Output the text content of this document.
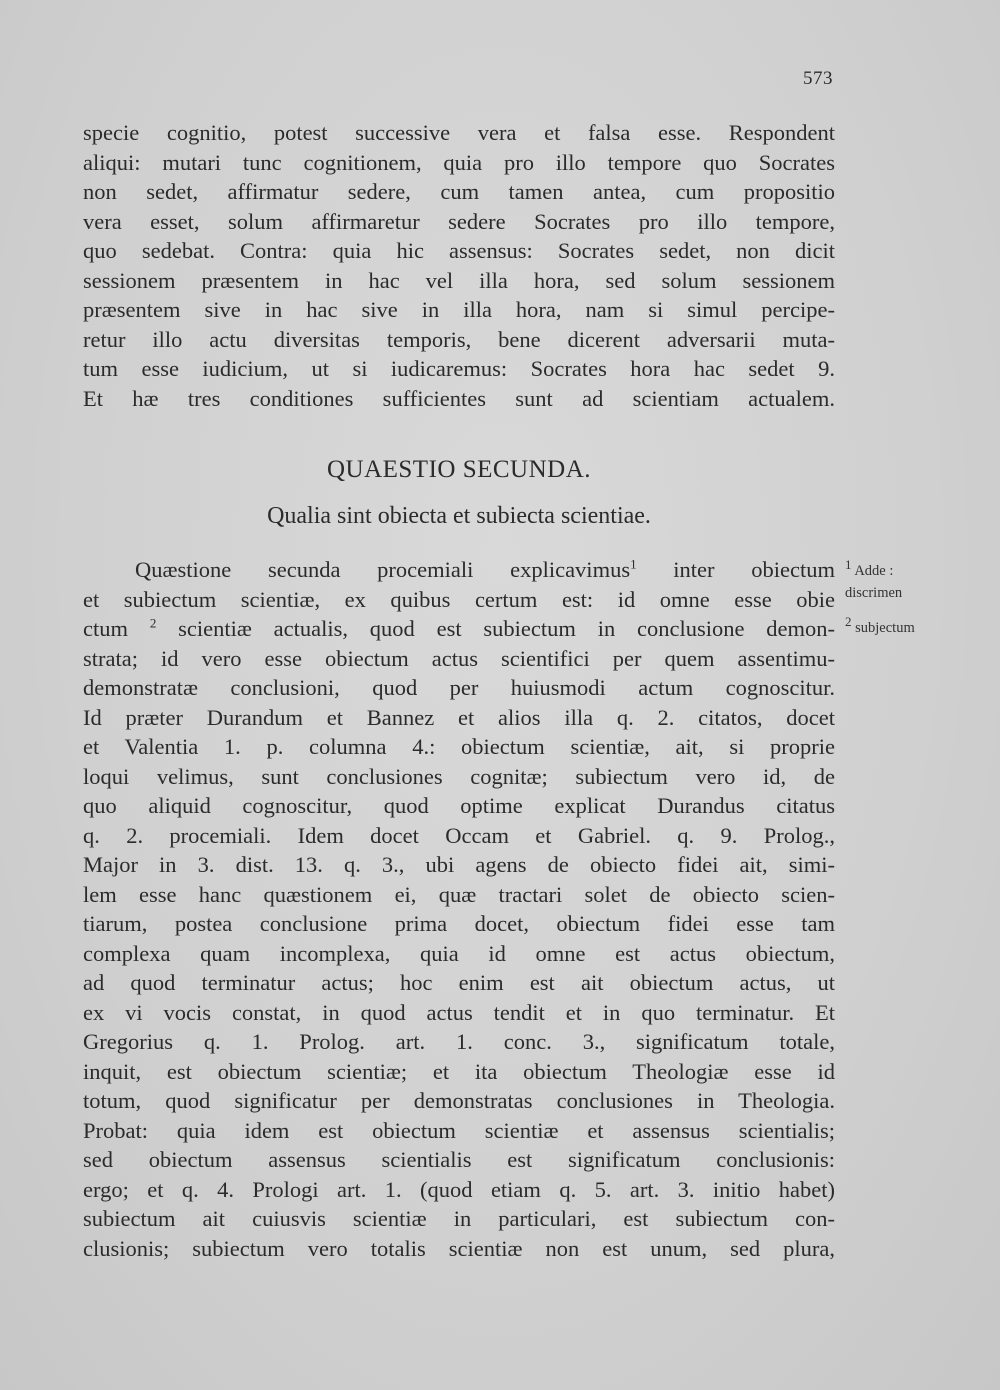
573
specie cognitio, potest successive vera et falsa esse. Respondent
aliqui: mutari tunc cognitionem, quia pro illo tempore quo Socrates
non sedet, affirmatur sedere, cum tamen antea, cum propositio
vera esset, solum affirmaretur sedere Socrates pro illo tempore,
quo sedebat. Contra: quia hic assensus: Socrates sedet, non dicit
sessionem præsentem in hac vel illa hora, sed solum sessionem
præsentem sive in hac sive in illa hora, nam si simul percipe-
retur illo actu diversitas temporis, bene dicerent adversarii muta-
tum esse iudicium, ut si iudicaremus: Socrates hora hac sedet 9.
Et hæ tres conditiones sufficientes sunt ad scientiam actualem.
QUAESTIO SECUNDA.
Qualia sint obiecta et subiecta scientiae.
Quæstione secunda procemiali explicavimus$^1$ inter obiectum
et subiectum scientiæ, ex quibus certum est: id omne esse obie
ctum $^2$ scientiæ actualis, quod est subiectum in conclusione demon-
strata; id vero esse obiectum actus scientifici per quem assentimu-
demonstratæ conclusioni, quod per huiusmodi actum cognoscitur.
Id præter Durandum et Bannez et alios illa q. 2. citatos, docet
et Valentia 1. p. columna 4.: obiectum scientiæ, ait, si proprie
loqui velimus, sunt conclusiones cognitæ; subiectum vero id, de
quo aliquid cognoscitur, quod optime explicat Durandus citatus
q. 2. procemiali. Idem docet Occam et Gabriel. q. 9. Prolog.,
Major in 3. dist. 13. q. 3., ubi agens de obiecto fidei ait, simi-
lem esse hanc quæstionem ei, quæ tractari solet de obiecto scien-
tiarum, postea conclusione prima docet, obiectum fidei esse tam
complexa quam incomplexa, quia id omne est actus obiectum,
ad quod terminatur actus; hoc enim est ait obiectum actus, ut
ex vi vocis constat, in quod actus tendit et in quo terminatur. Et
Gregorius q. 1. Prolog. art. 1. conc. 3., significatum totale,
inquit, est obiectum scientiæ; et ita obiectum Theologiæ esse id
totum, quod significatur per demonstratas conclusiones in Theologia.
Probat: quia idem est obiectum scientiæ et assensus scientialis;
sed obiectum assensus scientialis est significatum conclusionis:
ergo; et q. 4. Prologi art. 1. (quod etiam q. 5. art. 3. initio habet)
subiectum ait cuiusvis scientiæ in particulari, est subiectum con-
clusionis; subiectum vero totalis scientiæ non est unum, sed plura,
1 Adde :
discrimen
2 subjectum
